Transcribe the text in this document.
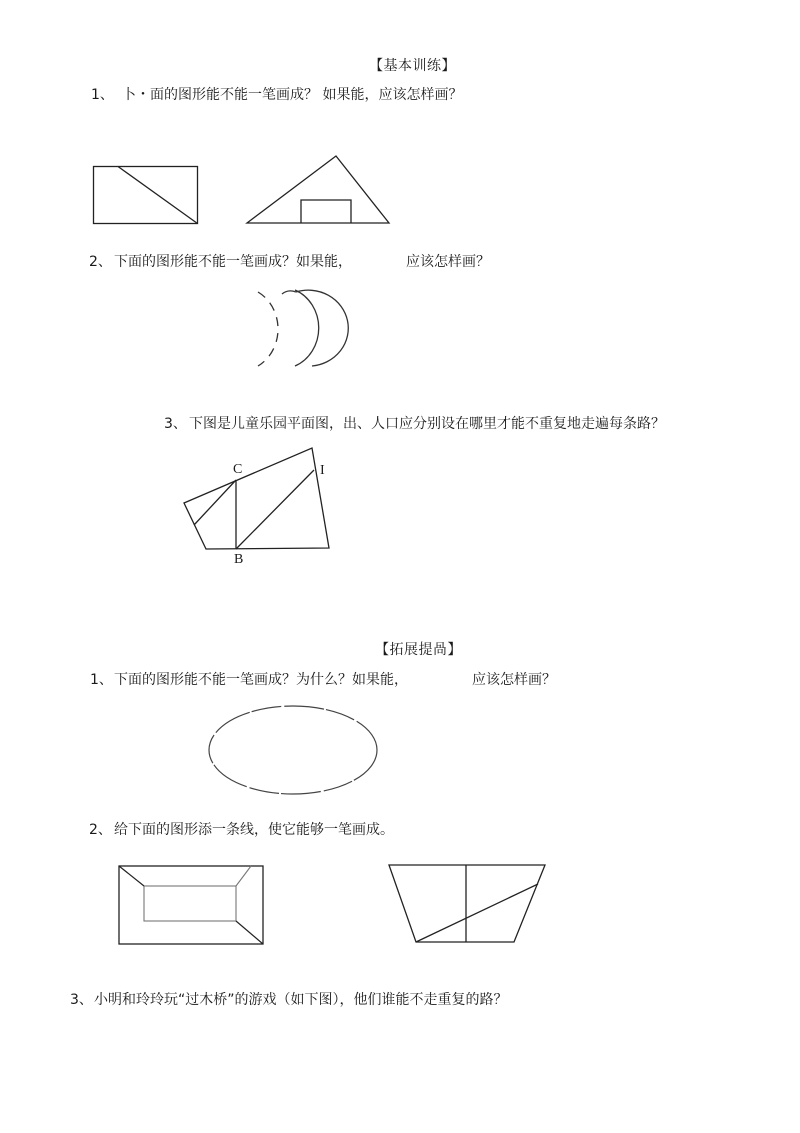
【基本训练】
1、 卜・面的图形能不能一笔画成？ 如果能，应该怎样画？
2、 下面的图形能不能一笔画成？如果能，	应该怎样画？
3、 下图是儿童乐园平面图，出、人口应分别设在哪里才能不重复地走遍每条路？
C	I
B
【拓展提咼】
1、 下面的图形能不能一笔画成？为什么？如果能，	应该怎样画？
2、 给下面的图形添一条线，使它能够一笔画成。
3、 小明和玲玲玩“过木桥”的游戏（如下图），他们谁能不走重复的路？
